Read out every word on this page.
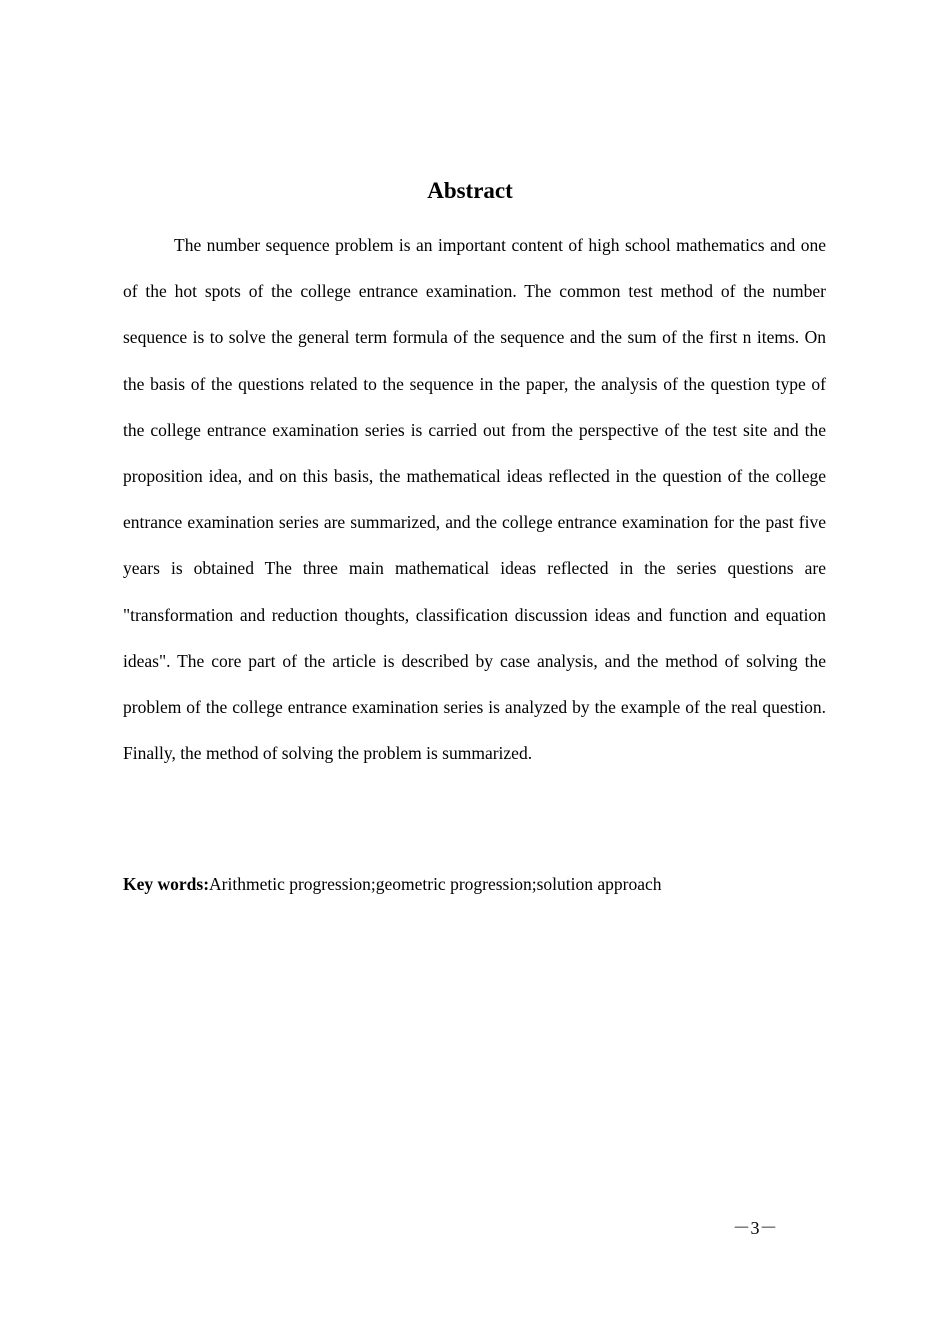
Abstract

The number sequence problem is an important content of high school mathematics and one of the hot spots of the college entrance examination. The common test method of the number sequence is to solve the general term formula of the sequence and the sum of the first n items. On the basis of the questions related to the sequence in the paper, the analysis of the question type of the college entrance examination series is carried out from the perspective of the test site and the proposition idea, and on this basis, the mathematical ideas reflected in the question of the college entrance examination series are summarized, and the college entrance examination for the past five years is obtained The three main mathematical ideas reflected in the series questions are "transformation and reduction thoughts, classification discussion ideas and function and equation ideas". The core part of the article is described by case analysis, and the method of solving the problem of the college entrance examination series is analyzed by the example of the real question. Finally, the method of solving the problem is summarized.

Key words:Arithmetic progression;geometric progression;solution approach

－3－
